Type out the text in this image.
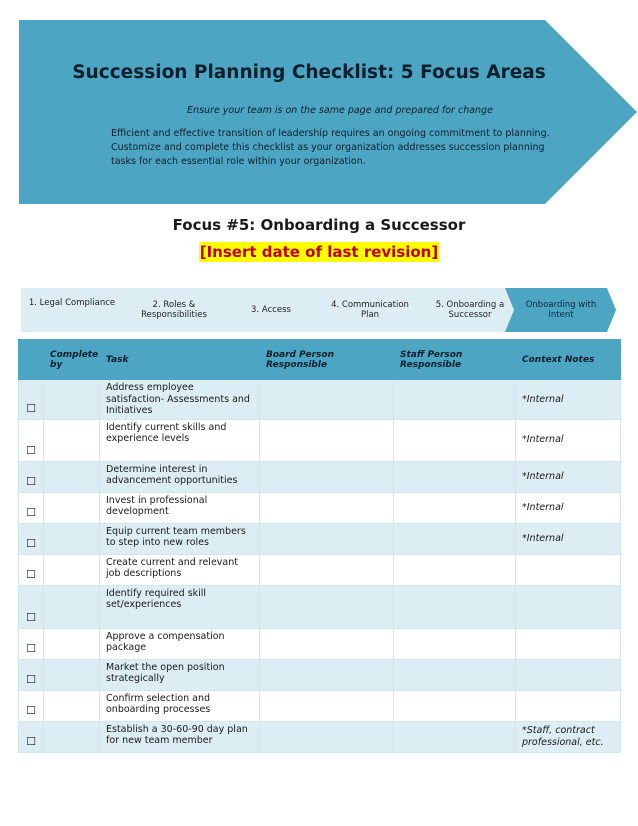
Succession Planning Checklist: 5 Focus Areas
Ensure your team is on the same page and prepared for change
Efficient and effective transition of leadership requires an ongoing commitment to planning. Customize and complete this checklist as your organization addresses succession planning tasks for each essential role within your organization.
Focus #5: Onboarding a Successor
[Insert date of last revision]
1. Legal Compliance	2. Roles & Responsibilities	3. Access	4. Communication Plan
5. Onboarding a Successor
Onboarding with Intent
	Complete by	Task	Board Person Responsible	Staff Person Responsible	Context Notes
☐		Address employee satisfaction- Assessments and Initiatives			*Internal
☐		Identify current skills and experience levels			*Internal
☐		Determine interest in advancement opportunities			*Internal
☐		Invest in professional development			*Internal
☐		Equip current team members to step into new roles			*Internal
☐		Create current and relevant job descriptions			
☐		Identify required skill set/experiences			
☐		Approve a compensation package			
☐		Market the open position strategically			
☐		Confirm selection and onboarding processes			
☐		Establish a 30-60-90 day plan for new team member			*Staff, contract professional, etc.
